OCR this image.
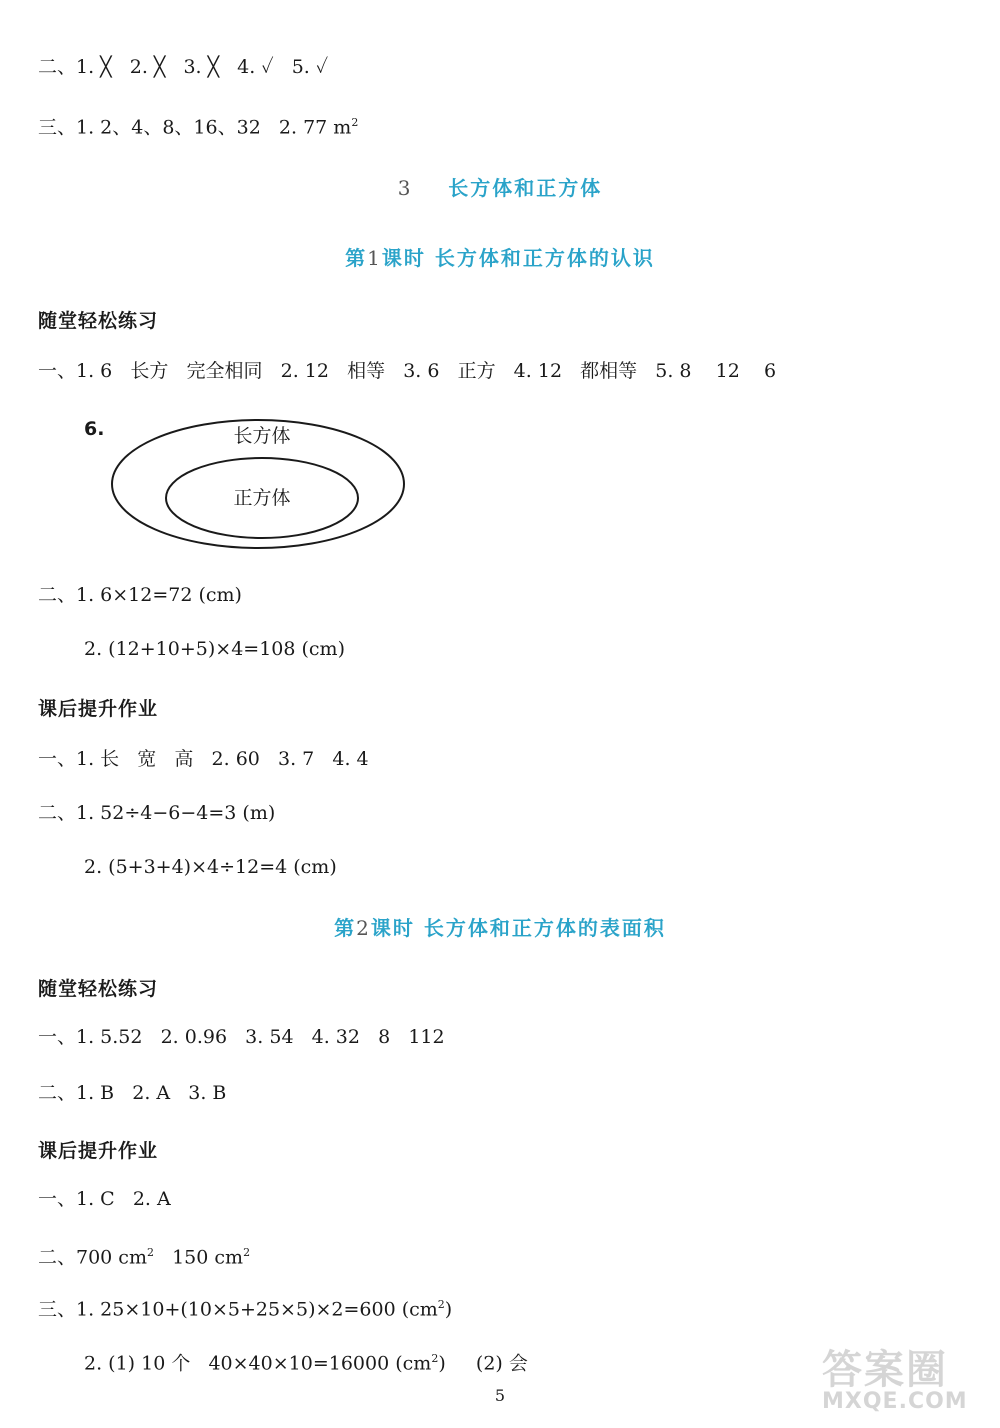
二、1. ╳   2. ╳   3. ╳   4. ✓   5. ✓
三、1. 2、4、8、16、32   2. 77 $m^2$
3 长方体和正方体
第1课时 长方体和正方体的认识
随堂轻松练习
一、1. 6   长方   完全相同   2. 12   相等   3. 6   正方   4. 12   都相等   5. 8    12    6
6.	长方体
正方体
二、1. 6×12=72 (cm)
2. (12+10+5)×4=108 (cm)
课后提升作业
一、1. 长   宽   高   2. 60   3. 7   4. 4
二、1. 52÷4−6−4=3 (m)
2. (5+3+4)×4÷12=4 (cm)
第2课时 长方体和正方体的表面积
随堂轻松练习
一、1. 5.52   2. 0.96   3. 54   4. 32   8   112
二、1. B   2. A   3. B
课后提升作业
一、1. C   2. A
二、700 $cm^2$   150 $cm^2$
三、1. 25×10+(10×5+25×5)×2=600 $(cm^2)$
2. (1) 10 个   40×40×10=16000 $(cm^2)$     (2) 会
5
答案圈
MXQE.COM
